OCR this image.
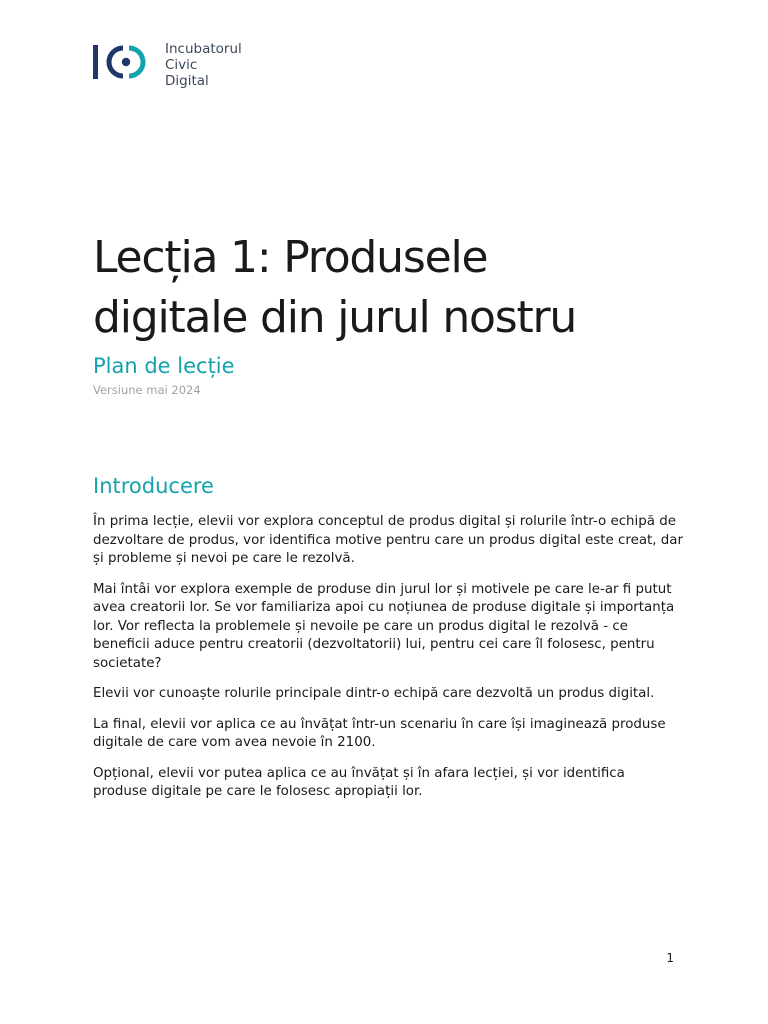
Incubatorul
Civic
Digital
Lecția 1: Produsele
digitale din jurul nostru
Plan de lecție
Versiune mai 2024
Introducere

În prima lecție, elevii vor explora conceptul de produs digital și rolurile într-o echipă de dezvoltare de produs, vor identifica motive pentru care un produs digital este creat, dar și probleme și nevoi pe care le rezolvă.

Mai întâi vor explora exemple de produse din jurul lor și motivele pe care le-ar fi putut avea creatorii lor. Se vor familiariza apoi cu noțiunea de produse digitale și importanța lor. Vor reflecta la problemele și nevoile pe care un produs digital le rezolvă - ce beneficii aduce pentru creatorii (dezvoltatorii) lui, pentru cei care îl folosesc, pentru societate?

Elevii vor cunoaște rolurile principale dintr-o echipă care dezvoltă un produs digital.

La final, elevii vor aplica ce au învățat într-un scenariu în care își imaginează produse digitale de care vom avea nevoie în 2100.

Opțional, elevii vor putea aplica ce au învățat și în afara lecției, și vor identifica produse digitale pe care le folosesc apropiații lor.

1
